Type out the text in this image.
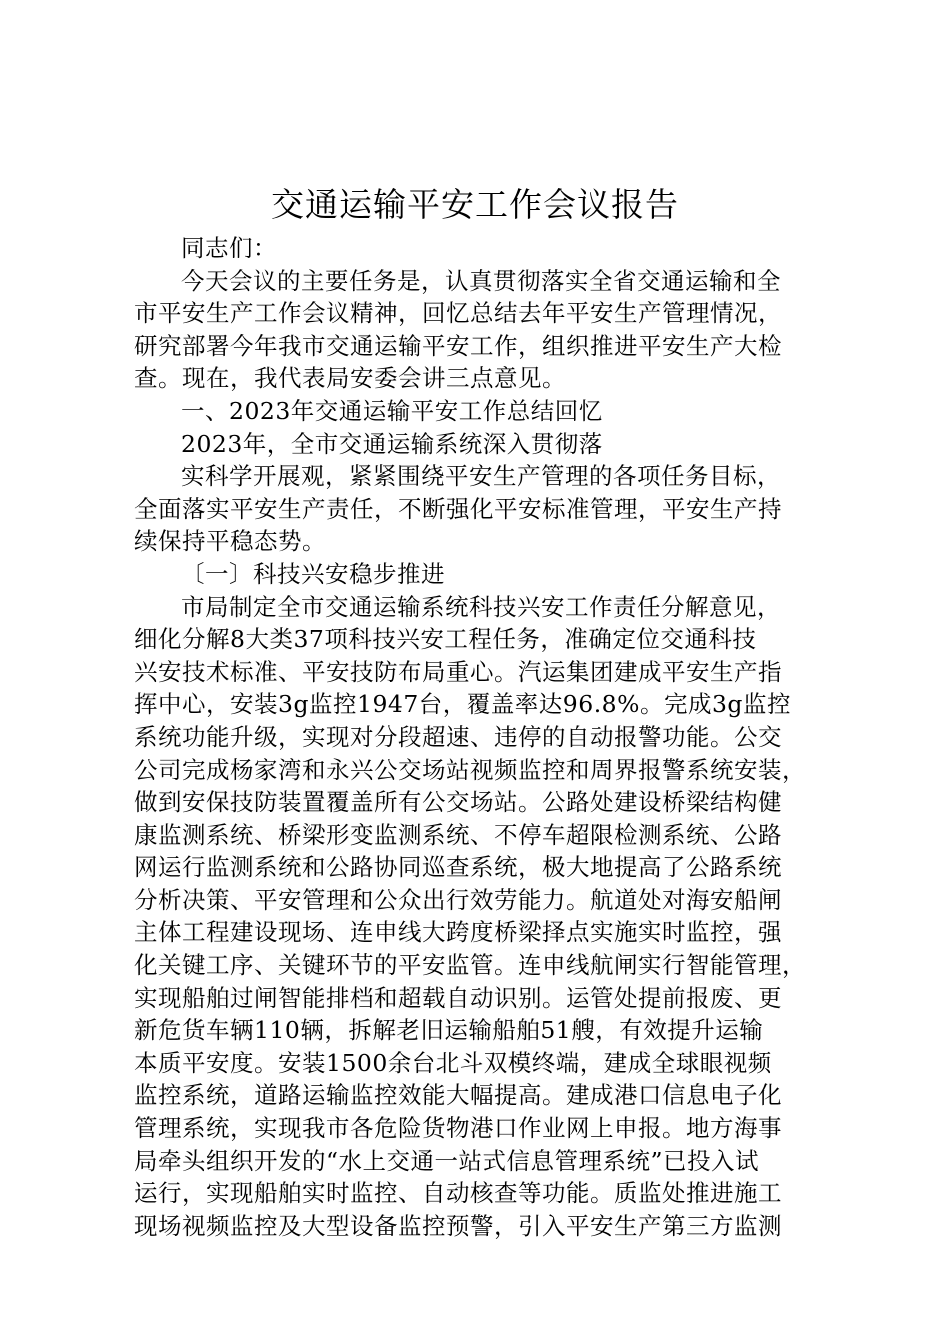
交通运输平安工作会议报告
同志们：
今天会议的主要任务是，认真贯彻落实全省交通运输和全
市平安生产工作会议精神，回忆总结去年平安生产管理情况，
研究部署今年我市交通运输平安工作，组织推进平安生产大检
查。现在，我代表局安委会讲三点意见。
一、2023年交通运输平安工作总结回忆
2023年，全市交通运输系统深入贯彻落
实科学开展观，紧紧围绕平安生产管理的各项任务目标，
全面落实平安生产责任，不断强化平安标准管理，平安生产持
续保持平稳态势。
〔一〕科技兴安稳步推进
市局制定全市交通运输系统科技兴安工作责任分解意见，
细化分解8大类37项科技兴安工程任务，准确定位交通科技
兴安技术标准、平安技防布局重心。汽运集团建成平安生产指
挥中心，安装3g监控1947台，覆盖率达96.8%。完成3g监控
系统功能升级，实现对分段超速、违停的自动报警功能。公交
公司完成杨家湾和永兴公交场站视频监控和周界报警系统安装，
做到安保技防装置覆盖所有公交场站。公路处建设桥梁结构健
康监测系统、桥梁形变监测系统、不停车超限检测系统、公路
网运行监测系统和公路协同巡查系统，极大地提高了公路系统
分析决策、平安管理和公众出行效劳能力。航道处对海安船闸
主体工程建设现场、连申线大跨度桥梁择点实施实时监控，强
化关键工序、关键环节的平安监管。连申线航闸实行智能管理，
实现船舶过闸智能排档和超载自动识别。运管处提前报废、更
新危货车辆110辆，拆解老旧运输船舶51艘，有效提升运输
本质平安度。安装1500余台北斗双模终端，建成全球眼视频
监控系统，道路运输监控效能大幅提高。建成港口信息电子化
管理系统，实现我市各危险货物港口作业网上申报。地方海事
局牵头组织开发的“水上交通一站式信息管理系统”已投入试
运行，实现船舶实时监控、自动核查等功能。质监处推进施工
现场视频监控及大型设备监控预警，引入平安生产第三方监测
